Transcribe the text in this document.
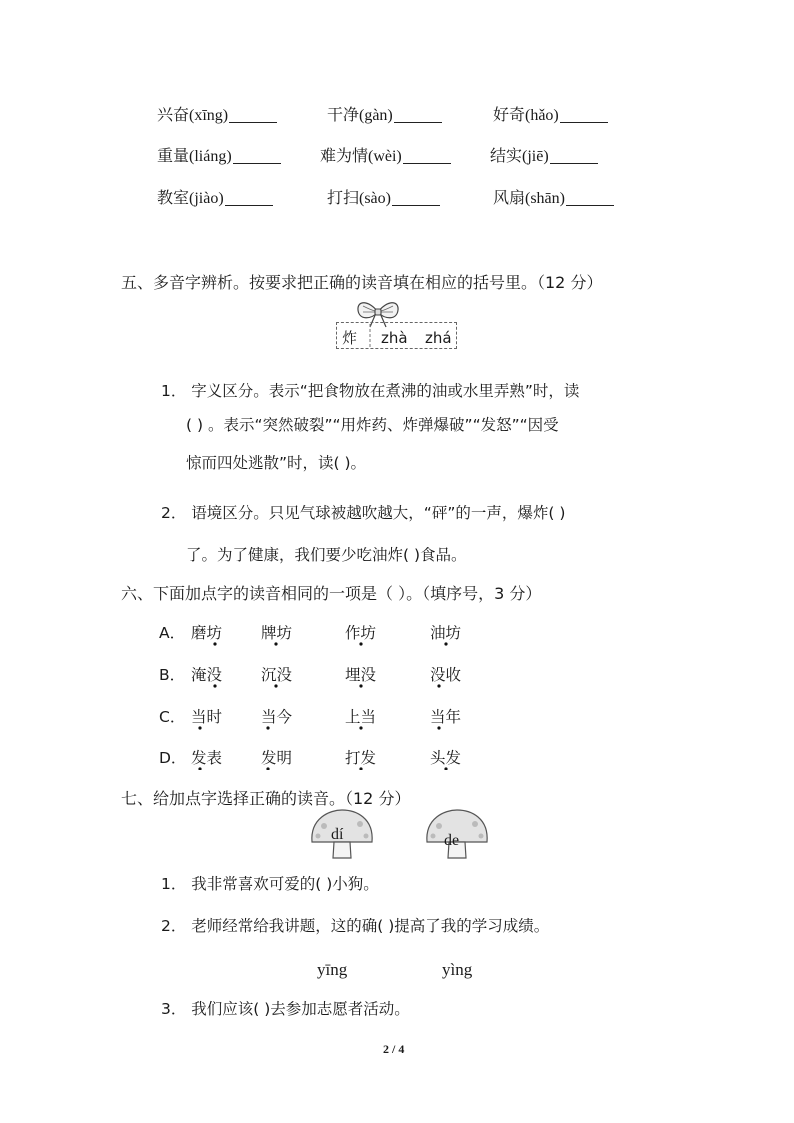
兴奋(xīng)	干净(gàn)	好奇(hǎo)
重量(liáng)	难为情(wèi)	结实(jiē)
教室(jiào)	打扫(sào)	风扇(shān)
五、多音字辨析。按要求把正确的读音填在相应的括号里。（12 分）
炸 zhà zhá
1． 字义区分。表示“把食物放在煮沸的油或水里弄熟”时，读
( ) 。表示“突然破裂”“用炸药、炸弹爆破”“发怒”“因受
惊而四处逃散”时，读( )。
2． 语境区分。只见气球被越吹越大，“砰”的一声，爆炸( )
了。为了健康，我们要少吃油炸( )食品。
六、下面加点字的读音相同的一项是（ ）。（填序号，3 分）
A． 磨坊	牌坊	作坊	油坊
B． 淹没	沉没	埋没	没收
C． 当时	当今	上当	当年
D． 发表	发明	打发	头发
七、给加点字选择正确的读音。（12 分）
dí	de
1． 我非常喜欢可爱的( )小狗。
2． 老师经常给我讲题，这的确( )提高了我的学习成绩。
yīng	yìng
3． 我们应该( )去参加志愿者活动。
2 / 4
